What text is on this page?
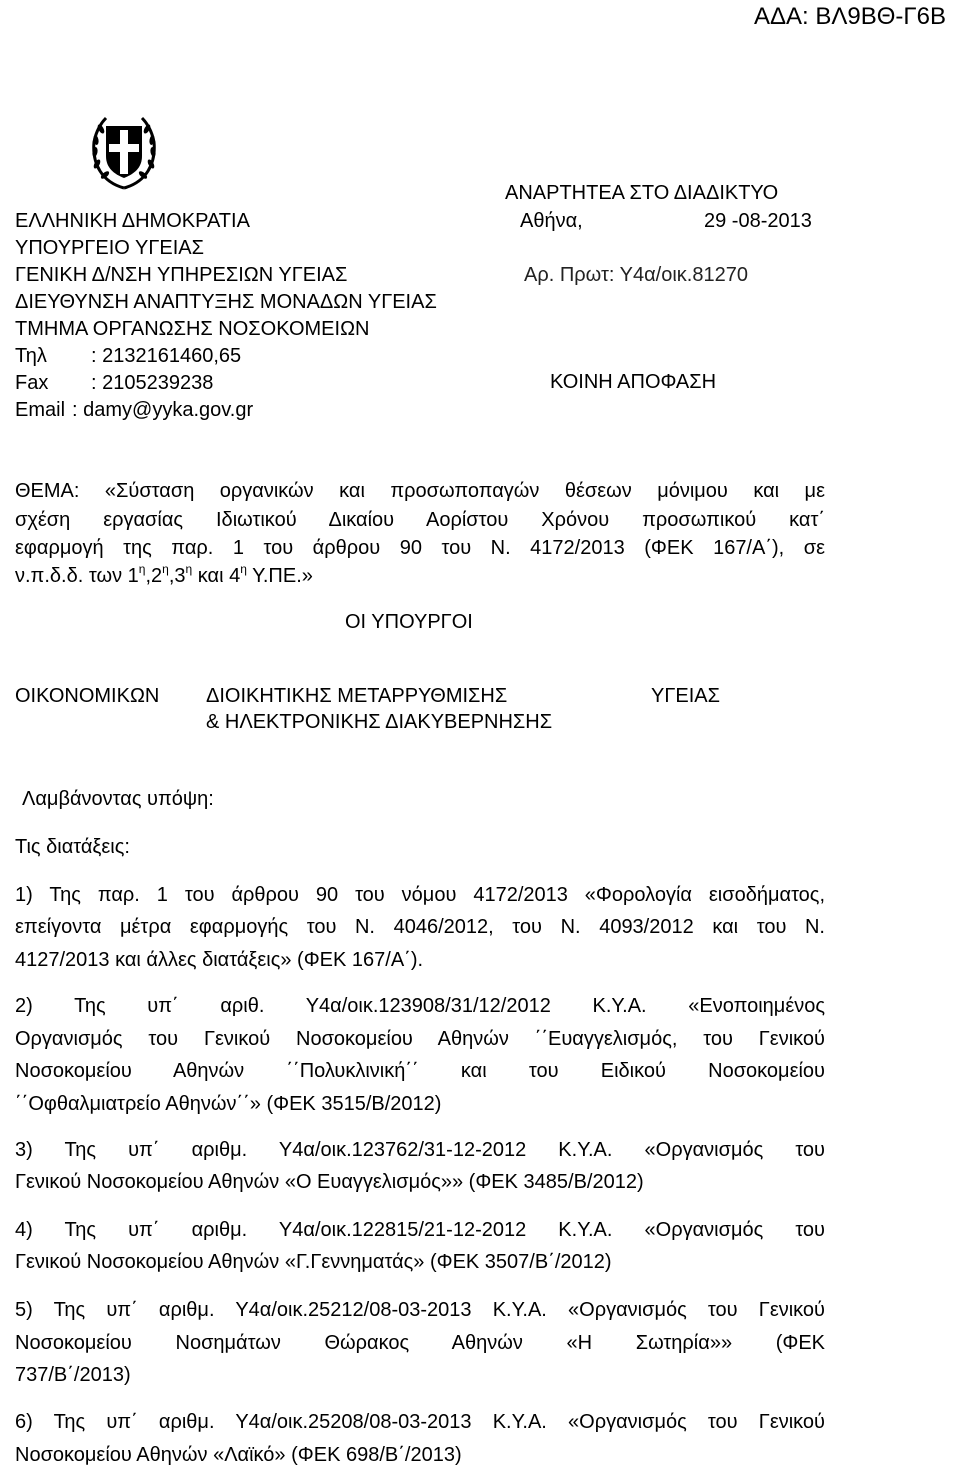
ΑΔΑ: ΒΛ9ΒΘ-Γ6Β
ΑΝΑΡΤΗΤΕΑ ΣΤΟ ΔΙΑΔΙΚΤΥΟ
Αθήνα,	29 -08-2013
Αρ. Πρωτ: Υ4α/οικ.81270
ΚΟΙΝΗ ΑΠΟΦΑΣΗ
ΕΛΛΗΝΙΚΗ ΔΗΜΟΚΡΑΤΙΑ
ΥΠΟΥΡΓΕΙΟ ΥΓΕΙΑΣ
ΓΕΝΙΚΗ Δ/ΝΣΗ ΥΠΗΡΕΣΙΩΝ ΥΓΕΙΑΣ
ΔΙΕΥΘΥΝΣΗ ΑΝΑΠΤΥΞΗΣ ΜΟΝΑΔΩΝ ΥΓΕΙΑΣ
ΤΜΗΜΑ ΟΡΓΑΝΩΣΗΣ ΝΟΣΟΚΟΜΕΙΩΝ
Τηλ : 2132161460,65
Fax : 2105239238
Email : damy@yyka.gov.gr
ΘΕΜΑ: «Σύσταση οργανικών και προσωποπαγών θέσεων μόνιμου και με
σχέση εργασίας Ιδιωτικού Δικαίου Αορίστου Χρόνου προσωπικού κατ΄
εφαρμογή της παρ. 1 του άρθρου 90 του Ν. 4172/2013 (ΦΕΚ 167/Α΄), σε
ν.π.δ.δ. των $1^\eta,2^\eta,3^\eta$ και $4^\eta$ Υ.ΠΕ.»
ΟΙ ΥΠΟΥΡΓΟΙ
ΟΙΚΟΝΟΜΙΚΩΝ ΔΙΟΙΚΗΤΙΚΗΣ ΜΕΤΑΡΡΥΘΜΙΣΗΣ
& ΗΛΕΚΤΡΟΝΙΚΗΣ ΔΙΑΚΥΒΕΡΝΗΣΗΣ
ΥΓΕΙΑΣ
Λαμβάνοντας υπόψη:
Τις διατάξεις:
1) Της παρ. 1 του άρθρου 90 του νόμου 4172/2013 «Φορολογία εισοδήματος,
επείγοντα μέτρα εφαρμογής του Ν. 4046/2012, του Ν. 4093/2012 και του Ν.
4127/2013 και άλλες διατάξεις» (ΦΕΚ 167/Α΄).
2) Της υπ΄ αριθ. Υ4α/οικ.123908/31/12/2012 Κ.Υ.Α. «Ενοποιημένος
Οργανισμός του Γενικού Νοσοκομείου Αθηνών ΄΄Ευαγγελισμός, του Γενικού
Νοσοκομείου Αθηνών ΄΄Πολυκλινική΄΄ και του Ειδικού Νοσοκομείου
΄΄Οφθαλμιατρείο Αθηνών΄΄» (ΦΕΚ 3515/Β/2012)
3) Της υπ΄ αριθμ. Υ4α/οικ.123762/31-12-2012 Κ.Υ.Α. «Οργανισμός του
Γενικού Νοσοκομείου Αθηνών «Ο Ευαγγελισμός»» (ΦΕΚ 3485/Β/2012)
4) Της υπ΄ αριθμ. Υ4α/οικ.122815/21-12-2012 Κ.Υ.Α. «Οργανισμός του
Γενικού Νοσοκομείου Αθηνών «Γ.Γεννηματάς» (ΦΕΚ 3507/Β΄/2012)
5) Της υπ΄ αριθμ. Υ4α/οικ.25212/08-03-2013 Κ.Υ.Α. «Οργανισμός του Γενικού
Νοσοκομείου Νοσημάτων Θώρακος Αθηνών «Η Σωτηρία»» (ΦΕΚ
737/Β΄/2013)
6) Της υπ΄ αριθμ. Υ4α/οικ.25208/08-03-2013 Κ.Υ.Α. «Οργανισμός του Γενικού
Νοσοκομείου Αθηνών «Λαϊκό» (ΦΕΚ 698/Β΄/2013)
